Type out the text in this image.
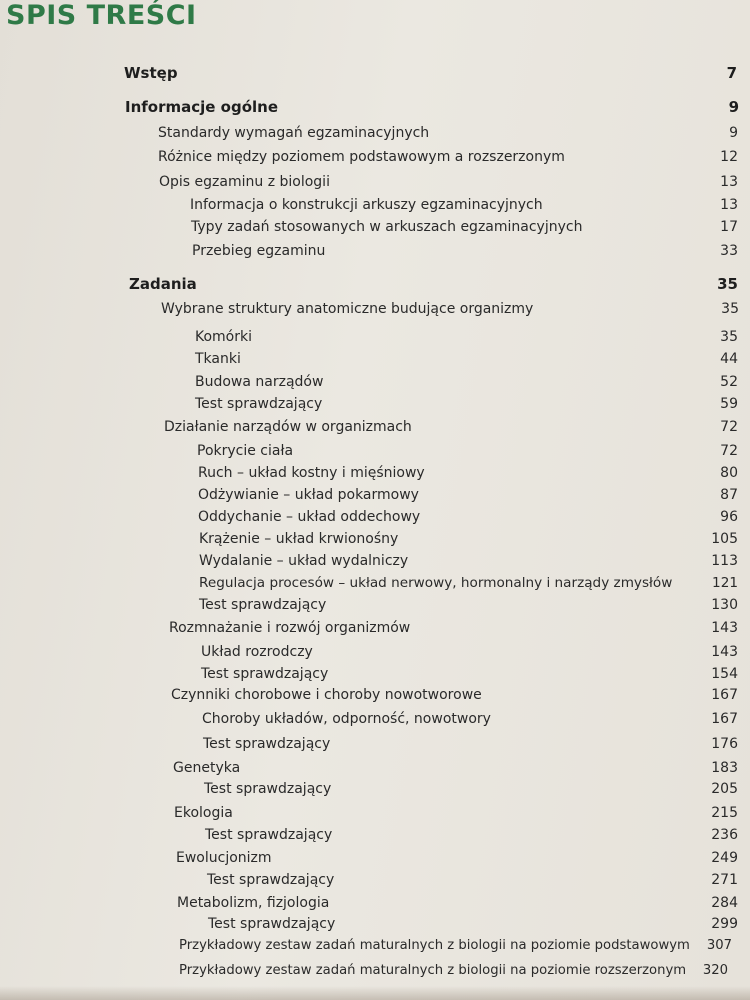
SPIS TREŚCI
Wstęp	7
Informacje ogólne	9
Standardy wymagań egzaminacyjnych	9
Różnice między poziomem podstawowym a rozszerzonym	12
Opis egzaminu z biologii	13
Informacja o konstrukcji arkuszy egzaminacyjnych	13
Typy zadań stosowanych w arkuszach egzaminacyjnych	17
Przebieg egzaminu	33
Zadania	35
Wybrane struktury anatomiczne budujące organizmy	35
Komórki	35
Tkanki	44
Budowa narządów	52
Test sprawdzający	59
Działanie narządów w organizmach	72
Pokrycie ciała	72
Ruch – układ kostny i mięśniowy	80
Odżywianie – układ pokarmowy	87
Oddychanie – układ oddechowy	96
Krążenie – układ krwionośny	105
Wydalanie – układ wydalniczy	113
Regulacja procesów – układ nerwowy, hormonalny i narządy zmysłów	121
Test sprawdzający	130
Rozmnażanie i rozwój organizmów	143
Układ rozrodczy	143
Test sprawdzający	154
Czynniki chorobowe i choroby nowotworowe	167
Choroby układów, odporność, nowotwory	167
Test sprawdzający	176
Genetyka	183
Test sprawdzający	205
Ekologia	215
Test sprawdzający	236
Ewolucjonizm	249
Test sprawdzający	271
Metabolizm, fizjologia	284
Test sprawdzający	299
Przykładowy zestaw zadań maturalnych z biologii na poziomie podstawowym 307
Przykładowy zestaw zadań maturalnych z biologii na poziomie rozszerzonym 320
